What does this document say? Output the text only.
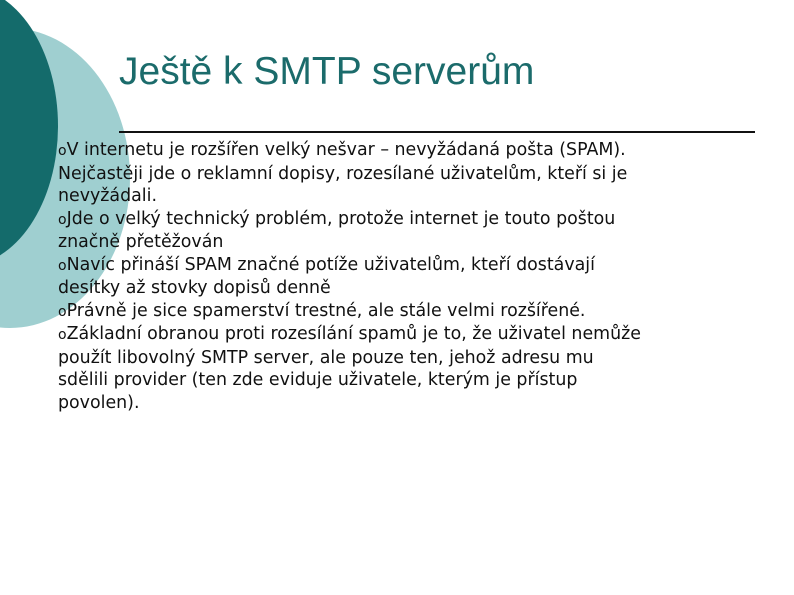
Ještě k SMTP serverům

oV internetu je rozšířen velký nešvar – nevyžádaná pošta (SPAM).
Nejčastěji jde o reklamní dopisy, rozesílané uživatelům, kteří si je
nevyžádali.

oJde o velký technický problém, protože internet je touto poštou
značně přetěžován

oNavíc přináší SPAM značné potíže uživatelům, kteří dostávají
desítky až stovky dopisů denně

oPrávně je sice spamerství trestné, ale stále velmi rozšířené.

oZákladní obranou proti rozesílání spamů je to, že uživatel nemůže
použít libovolný SMTP server, ale pouze ten, jehož adresu mu
sdělili provider (ten zde eviduje uživatele, kterým je přístup
povolen).
